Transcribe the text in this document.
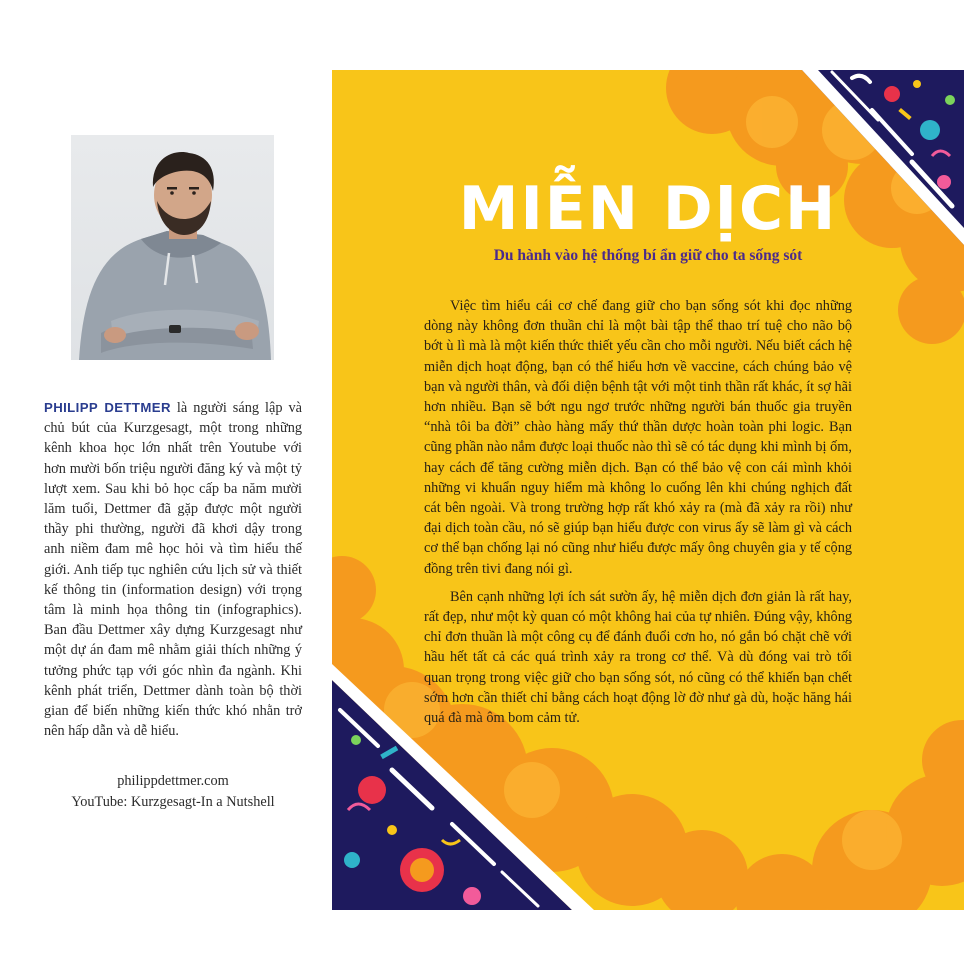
PHILIPP DETTMER là người sáng lập và chủ bút của Kurzgesagt, một trong những kênh khoa học lớn nhất trên Youtube với hơn mười bốn triệu người đăng ký và một tỷ lượt xem. Sau khi bỏ học cấp ba năm mười lăm tuổi, Dettmer đã gặp được một người thầy phi thường, người đã khơi dậy trong anh niềm đam mê học hỏi và tìm hiểu thế giới. Anh tiếp tục nghiên cứu lịch sử và thiết kế thông tin (information design) với trọng tâm là minh họa thông tin (infographics). Ban đầu Dettmer xây dựng Kurzgesagt như một dự án đam mê nhằm giải thích những ý tưởng phức tạp với góc nhìn đa ngành. Khi kênh phát triển, Dettmer dành toàn bộ thời gian để biến những kiến thức khó nhằn trở nên hấp dẫn và dễ hiểu.

philippdettmer.com
YouTube: Kurzgesagt-In a Nutshell
MIỄN DỊCH
Du hành vào hệ thống bí ẩn giữ cho ta sống sót

Việc tìm hiểu cái cơ chế đang giữ cho bạn sống sót khi đọc những dòng này không đơn thuần chỉ là một bài tập thể thao trí tuệ cho não bộ bớt ù lì mà là một kiến thức thiết yếu cần cho mỗi người. Nếu biết cách hệ miễn dịch hoạt động, bạn có thể hiểu hơn về vaccine, cách chúng bảo vệ bạn và người thân, và đối diện bệnh tật với một tinh thần rất khác, ít sợ hãi hơn nhiều. Bạn sẽ bớt ngu ngơ trước những người bán thuốc gia truyền “nhà tôi ba đời” chào hàng mấy thứ thần dược hoàn toàn phi logic. Bạn cũng phần nào nắm được loại thuốc nào thì sẽ có tác dụng khi mình bị ốm, hay cách để tăng cường miễn dịch. Bạn có thể bảo vệ con cái mình khỏi những vi khuẩn nguy hiểm mà không lo cuống lên khi chúng nghịch đất cát bên ngoài. Và trong trường hợp rất khó xảy ra (mà đã xảy ra rồi) như đại dịch toàn cầu, nó sẽ giúp bạn hiểu được con virus ấy sẽ làm gì và cách cơ thể bạn chống lại nó cũng như hiểu được mấy ông chuyên gia y tế cộng đồng trên tivi đang nói gì.

Bên cạnh những lợi ích sát sườn ấy, hệ miễn dịch đơn giản là rất hay, rất đẹp, như một kỳ quan có một không hai của tự nhiên. Đúng vậy, không chỉ đơn thuần là một công cụ để đánh đuổi cơn ho, nó gắn bó chặt chẽ với hầu hết tất cả các quá trình xảy ra trong cơ thể. Và dù đóng vai trò tối quan trọng trong việc giữ cho bạn sống sót, nó cũng có thể khiến bạn chết sớm hơn cần thiết chỉ bằng cách hoạt động lờ đờ như gà dù, hoặc hăng hái quá đà mà ôm bom cảm tử.
